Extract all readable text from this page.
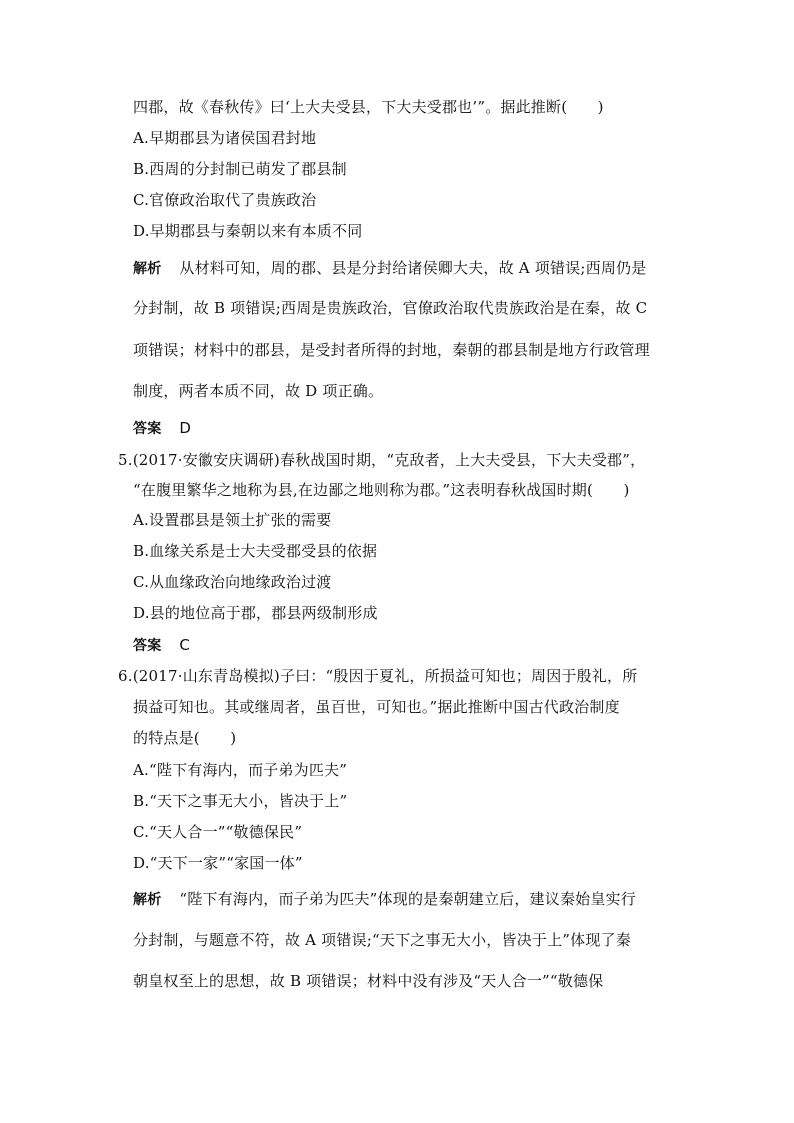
四郡，故《春秋传》曰‘上大夫受县，下大夫受郡也’”。据此推断(　　)
A.早期郡县为诸侯国君封地
B.西周的分封制已萌发了郡县制
C.官僚政治取代了贵族政治
D.早期郡县与秦朝以来有本质不同
解析 从材料可知，周的郡、县是分封给诸侯卿大夫，故 A 项错误;西周仍是
分封制，故 B 项错误;西周是贵族政治，官僚政治取代贵族政治是在秦，故 C
项错误；材料中的郡县，是受封者所得的封地，秦朝的郡县制是地方行政管理
制度，两者本质不同，故 D 项正确。
答案 D
5.(2017·安徽安庆调研)春秋战国时期，“克敌者，上大夫受县，下大夫受郡”，
“在腹里繁华之地称为县,在边鄙之地则称为郡。”这表明春秋战国时期(　　)
A.设置郡县是领土扩张的需要
B.血缘关系是士大夫受郡受县的依据
C.从血缘政治向地缘政治过渡
D.县的地位高于郡，郡县两级制形成
答案 C
6.(2017·山东青岛模拟)子曰：“殷因于夏礼，所损益可知也；周因于殷礼，所
损益可知也。其或继周者，虽百世，可知也。”据此推断中国古代政治制度
的特点是(　　)
A.“陛下有海内，而子弟为匹夫”
B.“天下之事无大小，皆决于上”
C.“天人合一”“敬德保民”
D.“天下一家”“家国一体”
解析 “陛下有海内，而子弟为匹夫”体现的是秦朝建立后，建议秦始皇实行
分封制，与题意不符，故 A 项错误;“天下之事无大小，皆决于上”体现了秦
朝皇权至上的思想，故 B 项错误；材料中没有涉及“天人合一”“敬德保
